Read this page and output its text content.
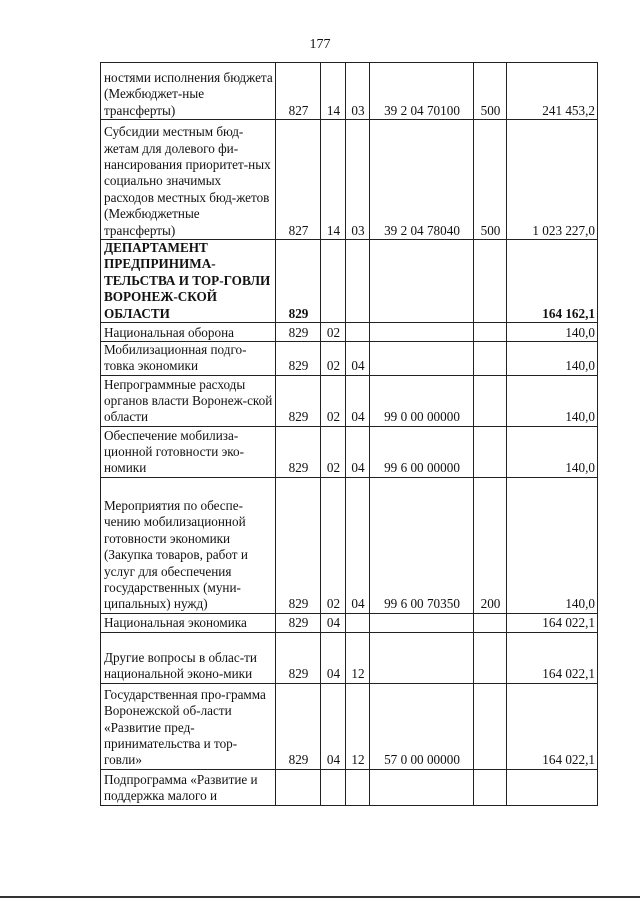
177
ностями исполнения бюджета (Межбюджет-ные трансферты)	827	14	03	39 2 04 70100	500	241 453,2
Субсидии местным бюд-жетам для долевого фи-нансирования приоритет-ных социально значимых расходов местных бюд-жетов (Межбюджетные трансферты)	827	14	03	39 2 04 78040	500	1 023 227,0
ДЕПАРТАМЕНТ ПРЕДПРИНИМА-ТЕЛЬСТВА И ТОР-ГОВЛИ ВОРОНЕЖ-СКОЙ ОБЛАСТИ	829					164 162,1
Национальная оборона	829	02				140,0
Мобилизационная подго-товка экономики	829	02	04			140,0
Непрограммные расходы органов власти Воронеж-ской области	829	02	04	99 0 00 00000		140,0
Обеспечение мобилиза-ционной готовности эко-номики	829	02	04	99 6 00 00000		140,0
Мероприятия по обеспе-чению мобилизационной готовности экономики (Закупка товаров, работ и услуг для обеспечения государственных (муни-ципальных) нужд)	829	02	04	99 6 00 70350	200	140,0
Национальная экономика	829	04				164 022,1
Другие вопросы в облас-ти национальной эконо-мики	829	04	12			164 022,1
Государственная про-грамма Воронежской об-ласти «Развитие пред-принимательства и тор-говли»	829	04	12	57 0 00 00000		164 022,1
Подпрограмма «Развитие и поддержка малого и						
